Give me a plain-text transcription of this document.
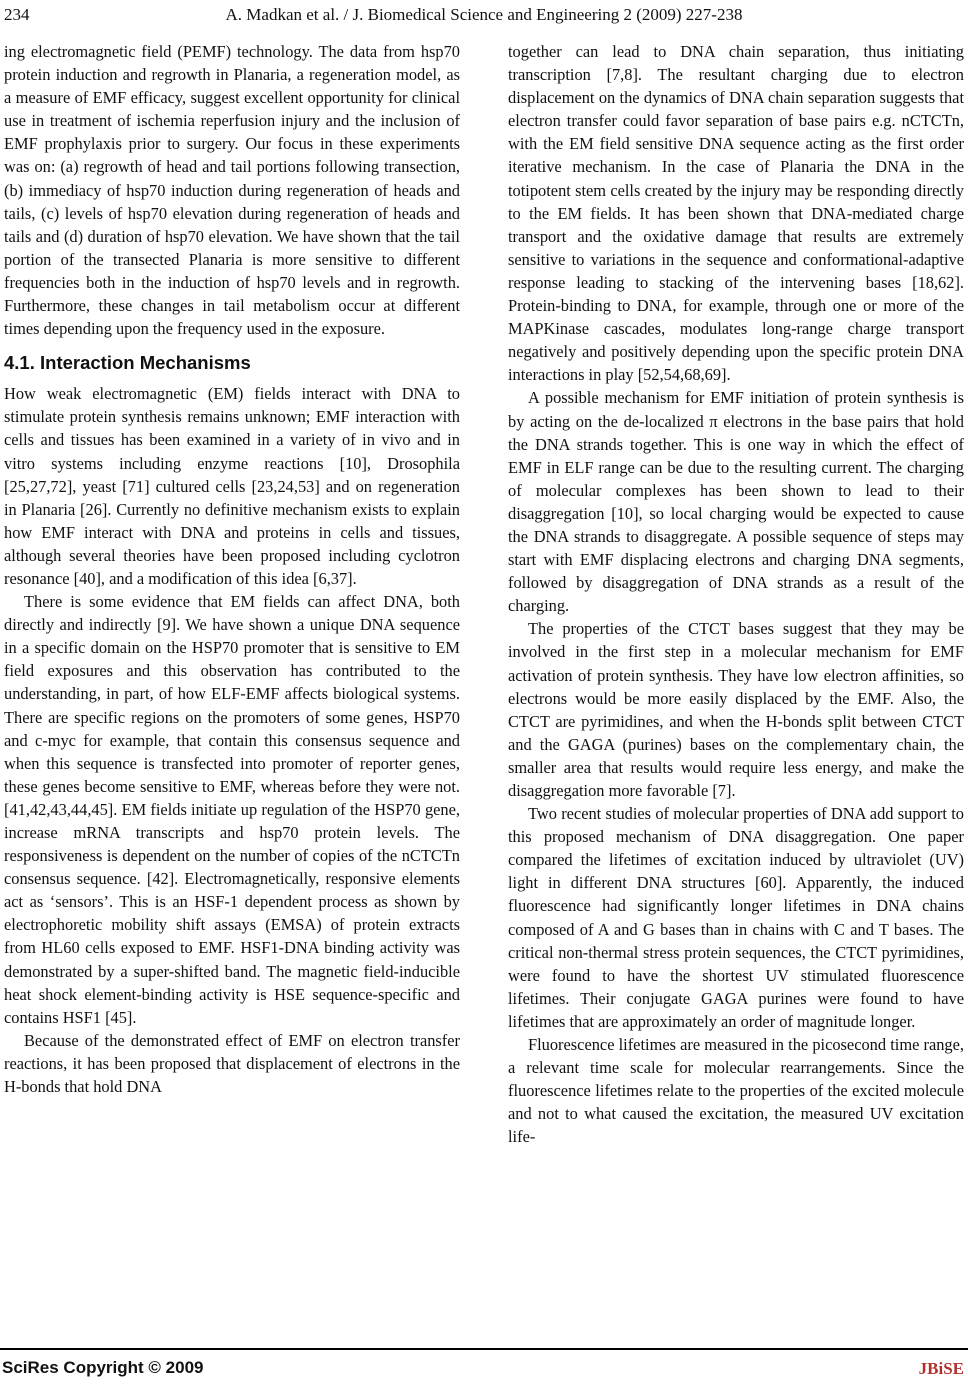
234	A. Madkan et al. / J. Biomedical Science and Engineering 2 (2009) 227-238

ing electromagnetic field (PEMF) technology. The data from hsp70 protein induction and regrowth in Planaria, a regeneration model, as a measure of EMF efficacy, suggest excellent opportunity for clinical use in treatment of ischemia reperfusion injury and the inclusion of EMF prophylaxis prior to surgery. Our focus in these experiments was on: (a) regrowth of head and tail portions following transection, (b) immediacy of hsp70 induction during regeneration of heads and tails, (c) levels of hsp70 elevation during regeneration of heads and tails and (d) duration of hsp70 elevation. We have shown that the tail portion of the transected Planaria is more sensitive to different frequencies both in the induction of hsp70 levels and in regrowth. Furthermore, these changes in tail metabolism occur at different times depending upon the frequency used in the exposure.

4.1. Interaction Mechanisms

How weak electromagnetic (EM) fields interact with DNA to stimulate protein synthesis remains unknown; EMF interaction with cells and tissues has been examined in a variety of in vivo and in vitro systems including enzyme reactions [10], Drosophila [25,27,72], yeast [71] cultured cells [23,24,53] and on regeneration in Planaria [26]. Currently no definitive mechanism exists to explain how EMF interact with DNA and proteins in cells and tissues, although several theories have been proposed including cyclotron resonance [40], and a modification of this idea [6,37].

There is some evidence that EM fields can affect DNA, both directly and indirectly [9]. We have shown a unique DNA sequence in a specific domain on the HSP70 promoter that is sensitive to EM field exposures and this observation has contributed to the understanding, in part, of how ELF-EMF affects biological systems. There are specific regions on the promoters of some genes, HSP70 and c-myc for example, that contain this consensus sequence and when this sequence is transfected into promoter of reporter genes, these genes become sensitive to EMF, whereas before they were not. [41,42,43,44,45]. EM fields initiate up regulation of the HSP70 gene, increase mRNA transcripts and hsp70 protein levels. The responsiveness is dependent on the number of copies of the nCTCTn consensus sequence. [42]. Electromagnetically, responsive elements act as ‘sensors’. This is an HSF-1 dependent process as shown by electrophoretic mobility shift assays (EMSA) of protein extracts from HL60 cells exposed to EMF. HSF1-DNA binding activity was demonstrated by a super-shifted band. The magnetic field-inducible heat shock element-binding activity is HSE sequence-specific and contains HSF1 [45].

Because of the demonstrated effect of EMF on electron transfer reactions, it has been proposed that displacement of electrons in the H-bonds that hold DNA

together can lead to DNA chain separation, thus initiating transcription [7,8]. The resultant charging due to electron displacement on the dynamics of DNA chain separation suggests that electron transfer could favor separation of base pairs e.g. nCTCTn, with the EM field sensitive DNA sequence acting as the first order iterative mechanism. In the case of Planaria the DNA in the totipotent stem cells created by the injury may be responding directly to the EM fields. It has been shown that DNA-mediated charge transport and the oxidative damage that results are extremely sensitive to variations in the sequence and conformational-adaptive response leading to stacking of the intervening bases [18,62]. Protein-binding to DNA, for example, through one or more of the MAPKinase cascades, modulates long-range charge transport negatively and positively depending upon the specific protein DNA interactions in play [52,54,68,69].

A possible mechanism for EMF initiation of protein synthesis is by acting on the de-localized π electrons in the base pairs that hold the DNA strands together. This is one way in which the effect of EMF in ELF range can be due to the resulting current. The charging of molecular complexes has been shown to lead to their disaggregation [10], so local charging would be expected to cause the DNA strands to disaggregate. A possible sequence of steps may start with EMF displacing electrons and charging DNA segments, followed by disaggregation of DNA strands as a result of the charging.

The properties of the CTCT bases suggest that they may be involved in the first step in a molecular mechanism for EMF activation of protein synthesis. They have low electron affinities, so electrons would be more easily displaced by the EMF. Also, the CTCT are pyrimidines, and when the H-bonds split between CTCT and the GAGA (purines) bases on the complementary chain, the smaller area that results would require less energy, and make the disaggregation more favorable [7].

Two recent studies of molecular properties of DNA add support to this proposed mechanism of DNA disaggregation. One paper compared the lifetimes of excitation induced by ultraviolet (UV) light in different DNA structures [60]. Apparently, the induced fluorescence had significantly longer lifetimes in DNA chains composed of A and G bases than in chains with C and T bases. The critical non-thermal stress protein sequences, the CTCT pyrimidines, were found to have the shortest UV stimulated fluorescence lifetimes. Their conjugate GAGA purines were found to have lifetimes that are approximately an order of magnitude longer.

Fluorescence lifetimes are measured in the picosecond time range, a relevant time scale for molecular rearrangements. Since the fluorescence lifetimes relate to the properties of the excited molecule and not to what caused the excitation, the measured UV excitation life-

SciRes Copyright © 2009	JBiSE
